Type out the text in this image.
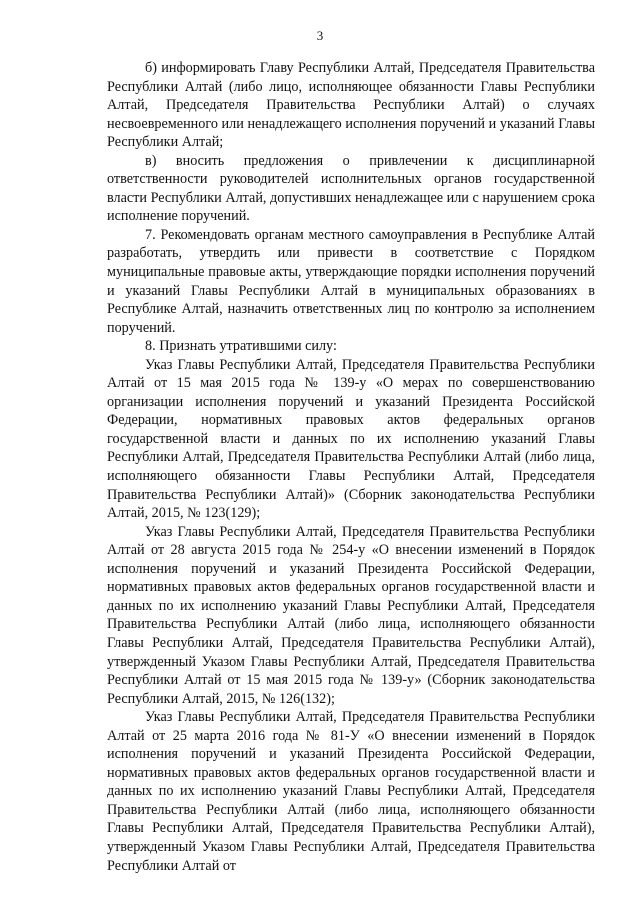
3

б) информировать Главу Республики Алтай, Председателя Правительства Республики Алтай (либо лицо, исполняющее обязанности Главы Республики Алтай, Председателя Правительства Республики Алтай) о случаях несвоевременного или ненадлежащего исполнения поручений и указаний Главы Республики Алтай;

в) вносить предложения о привлечении к дисциплинарной ответственности руководителей исполнительных органов государственной власти Республики Алтай, допустивших ненадлежащее или с нарушением срока исполнение поручений.

7. Рекомендовать органам местного самоуправления в Республике Алтай разработать, утвердить или привести в соответствие с Порядком муниципальные правовые акты, утверждающие порядки исполнения поручений и указаний Главы Республики Алтай в муниципальных образованиях в Республике Алтай, назначить ответственных лиц по контролю за исполнением поручений.

8. Признать утратившими силу:

Указ Главы Республики Алтай, Председателя Правительства Республики Алтай от 15 мая 2015 года № 139-у «О мерах по совершенствованию организации исполнения поручений и указаний Президента Российской Федерации, нормативных правовых актов федеральных органов государственной власти и данных по их исполнению указаний Главы Республики Алтай, Председателя Правительства Республики Алтай (либо лица, исполняющего обязанности Главы Республики Алтай, Председателя Правительства Республики Алтай)» (Сборник законодательства Республики Алтай, 2015, № 123(129);

Указ Главы Республики Алтай, Председателя Правительства Республики Алтай от 28 августа 2015 года № 254-у «О внесении изменений в Порядок исполнения поручений и указаний Президента Российской Федерации, нормативных правовых актов федеральных органов государственной власти и данных по их исполнению указаний Главы Республики Алтай, Председателя Правительства Республики Алтай (либо лица, исполняющего обязанности Главы Республики Алтай, Председателя Правительства Республики Алтай), утвержденный Указом Главы Республики Алтай, Председателя Правительства Республики Алтай от 15 мая 2015 года № 139-у» (Сборник законодательства Республики Алтай, 2015, № 126(132);

Указ Главы Республики Алтай, Председателя Правительства Республики Алтай от 25 марта 2016 года № 81-У «О внесении изменений в Порядок исполнения поручений и указаний Президента Российской Федерации, нормативных правовых актов федеральных органов государственной власти и данных по их исполнению указаний Главы Республики Алтай, Председателя Правительства Республики Алтай (либо лица, исполняющего обязанности Главы Республики Алтай, Председателя Правительства Республики Алтай), утвержденный Указом Главы Республики Алтай, Председателя Правительства Республики Алтай от
